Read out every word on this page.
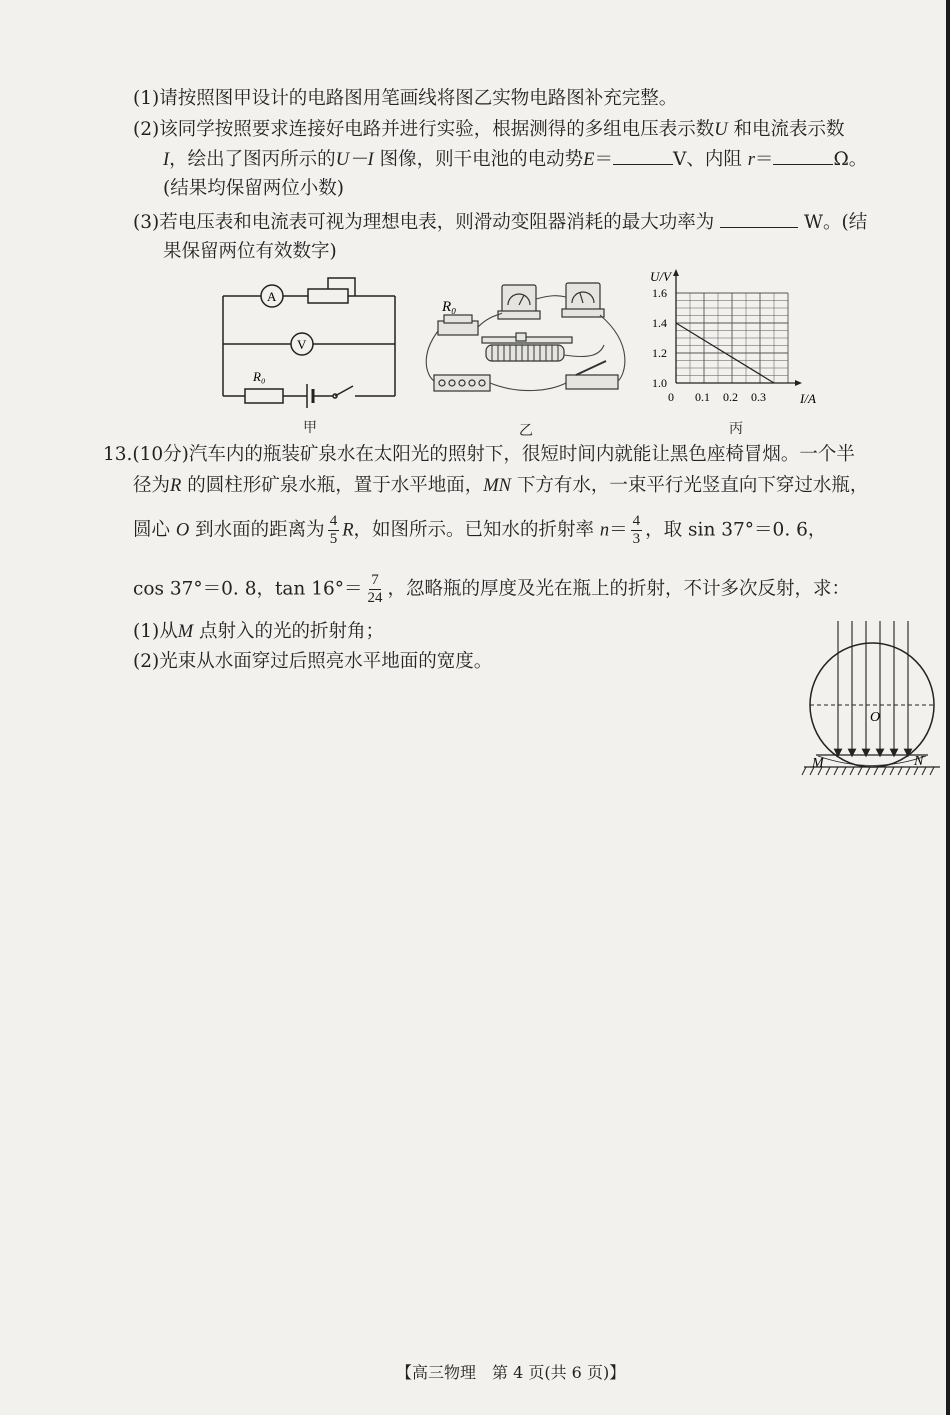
(1)请按照图甲设计的电路图用笔画线将图乙实物电路图补充完整。
(2)该同学按照要求连接好电路并进行实验，根据测得的多组电压表示数U 和电流表示数
I，绘出了图丙所示的U－I 图像，则干电池的电动势E＝	V、内阻 r＝	Ω。
(结果均保留两位小数)
(3)若电压表和电流表可视为理想电表，则滑动变阻器消耗的最大功率为	W。(结
果保留两位有效数字)
A
V
R₀
R₀
1.0
1.2
1.4
1.6
0 0.1 0.2 0.3
U/V
I/A
甲	乙	丙
13.(10分)汽车内的瓶装矿泉水在太阳光的照射下，很短时间内就能让黑色座椅冒烟。一个半
径为R 的圆柱形矿泉水瓶，置于水平地面，MN 下方有水，一束平行光竖直向下穿过水瓶，
圆心 O 到水面的距离为 $\frac{4}{5}$ R，如图所示。已知水的折射率 $n= \frac{4}{3}$ ，取 sin 37°＝0. 6，
cos 37°＝0. 8，$\tan 16^\circ= \frac{7}{24}$ ，忽略瓶的厚度及光在瓶上的折射，不计多次反射，求：
(1)从M 点射入的光的折射角；
(2)光束从水面穿过后照亮水平地面的宽度。
O
M	N
【高三物理　第 4 页(共 6 页)】
